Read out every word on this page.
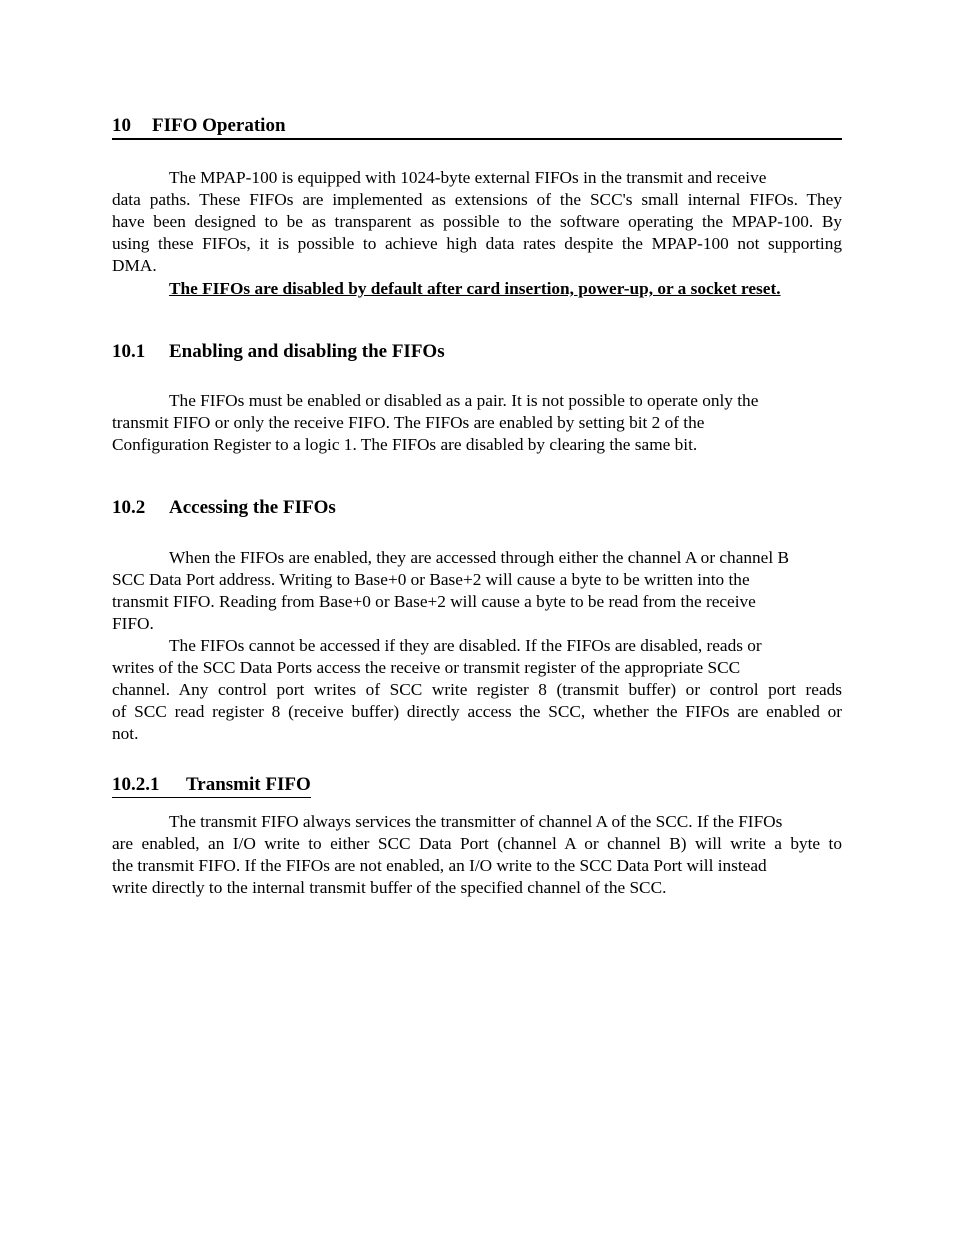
10 FIFO Operation
The MPAP-100 is equipped with 1024-byte external FIFOs in the transmit and receive
data paths. These FIFOs are implemented as extensions of the SCC's small internal FIFOs. They
have been designed to be as transparent as possible to the software operating the MPAP-100. By
using these FIFOs, it is possible to achieve high data rates despite the MPAP-100 not supporting
DMA.
The FIFOs are disabled by default after card insertion, power-up, or a socket reset.
10.1 Enabling and disabling the FIFOs
The FIFOs must be enabled or disabled as a pair. It is not possible to operate only the
transmit FIFO or only the receive FIFO. The FIFOs are enabled by setting bit 2 of the
Configuration Register to a logic 1. The FIFOs are disabled by clearing the same bit.
10.2 Accessing the FIFOs
When the FIFOs are enabled, they are accessed through either the channel A or channel B
SCC Data Port address. Writing to Base+0 or Base+2 will cause a byte to be written into the
transmit FIFO. Reading from Base+0 or Base+2 will cause a byte to be read from the receive
FIFO.
The FIFOs cannot be accessed if they are disabled. If the FIFOs are disabled, reads or
writes of the SCC Data Ports access the receive or transmit register of the appropriate SCC
channel. Any control port writes of SCC write register 8 (transmit buffer) or control port reads
of SCC read register 8 (receive buffer) directly access the SCC, whether the FIFOs are enabled or
not.
10.2.1 Transmit FIFO
The transmit FIFO always services the transmitter of channel A of the SCC. If the FIFOs
are enabled, an I/O write to either SCC Data Port (channel A or channel B) will write a byte to
the transmit FIFO. If the FIFOs are not enabled, an I/O write to the SCC Data Port will instead
write directly to the internal transmit buffer of the specified channel of the SCC.
